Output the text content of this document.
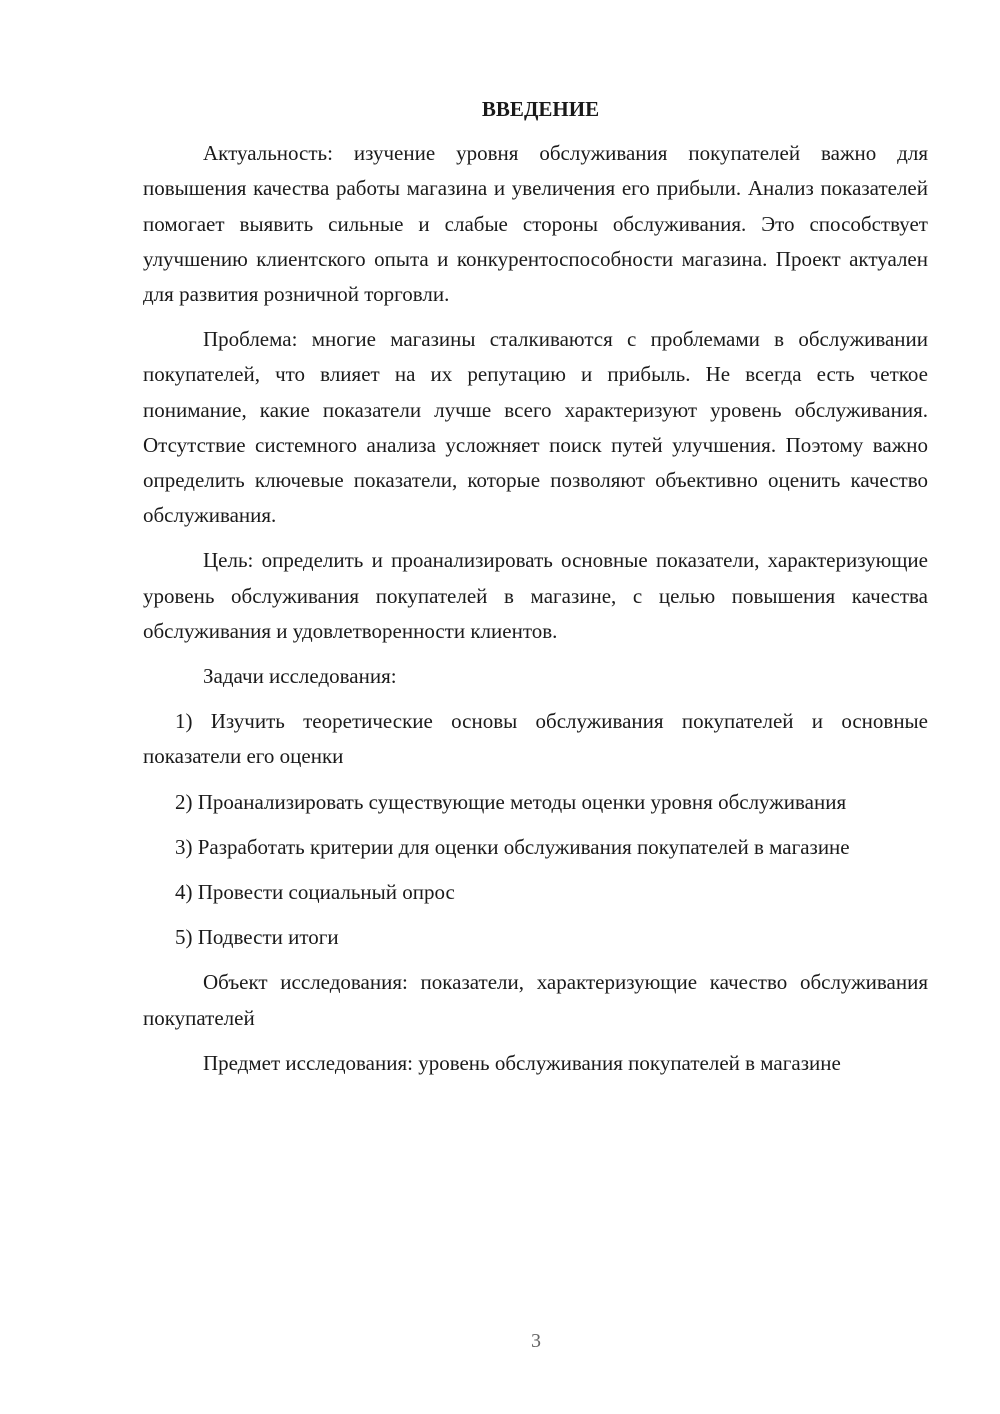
ВВЕДЕНИЕ

Актуальность: изучение уровня обслуживания покупателей важно для повышения качества работы магазина и увеличения его прибыли. Анализ показателей помогает выявить сильные и слабые стороны обслуживания. Это способствует улучшению клиентского опыта и конкурентоспособности магазина. Проект актуален для развития розничной торговли.

Проблема: многие магазины сталкиваются с проблемами в обслуживании покупателей, что влияет на их репутацию и прибыль. Не всегда есть четкое понимание, какие показатели лучше всего характеризуют уровень обслуживания. Отсутствие системного анализа усложняет поиск путей улучшения. Поэтому важно определить ключевые показатели, которые позволяют объективно оценить качество обслуживания.

Цель: определить и проанализировать основные показатели, характеризующие уровень обслуживания покупателей в магазине, с целью повышения качества обслуживания и удовлетворенности клиентов.

Задачи исследования:

1) Изучить теоретические основы обслуживания покупателей и основные показатели его оценки

2) Проанализировать существующие методы оценки уровня обслуживания

3) Разработать критерии для оценки обслуживания покупателей в магазине

4) Провести социальный опрос

5) Подвести итоги

Объект исследования: показатели, характеризующие качество обслуживания покупателей

Предмет исследования: уровень обслуживания покупателей в магазине

3
